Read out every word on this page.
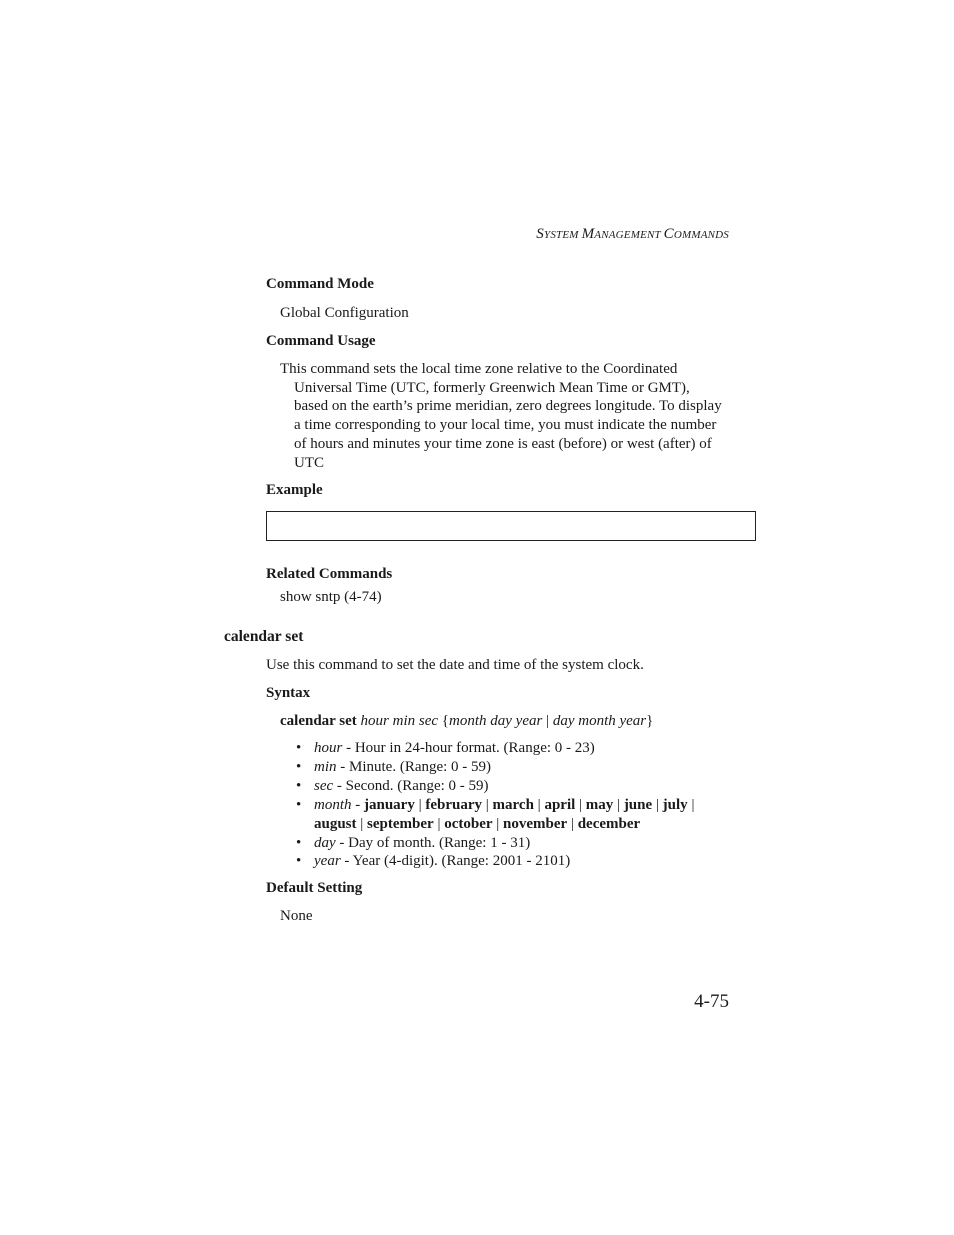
SYSTEM MANAGEMENT COMMANDS
Command Mode
Global Configuration
Command Usage
This command sets the local time zone relative to the Coordinated
Universal Time (UTC, formerly Greenwich Mean Time or GMT),
based on the earth’s prime meridian, zero degrees longitude. To display
a time corresponding to your local time, you must indicate the number
of hours and minutes your time zone is east (before) or west (after) of
UTC
Example
Related Commands
show sntp (4-74)
calendar set
Use this command to set the date and time of the system clock.
Syntax
calendar set hour min sec {month day year | day month year}
• hour - Hour in 24-hour format. (Range: 0 - 23)
• min - Minute. (Range: 0 - 59)
• sec - Second. (Range: 0 - 59)
• month - january | february | march | april | may | june | july |
august | september | october | november | december
• day - Day of month. (Range: 1 - 31)
• year - Year (4-digit). (Range: 2001 - 2101)
Default Setting
None
4-75
